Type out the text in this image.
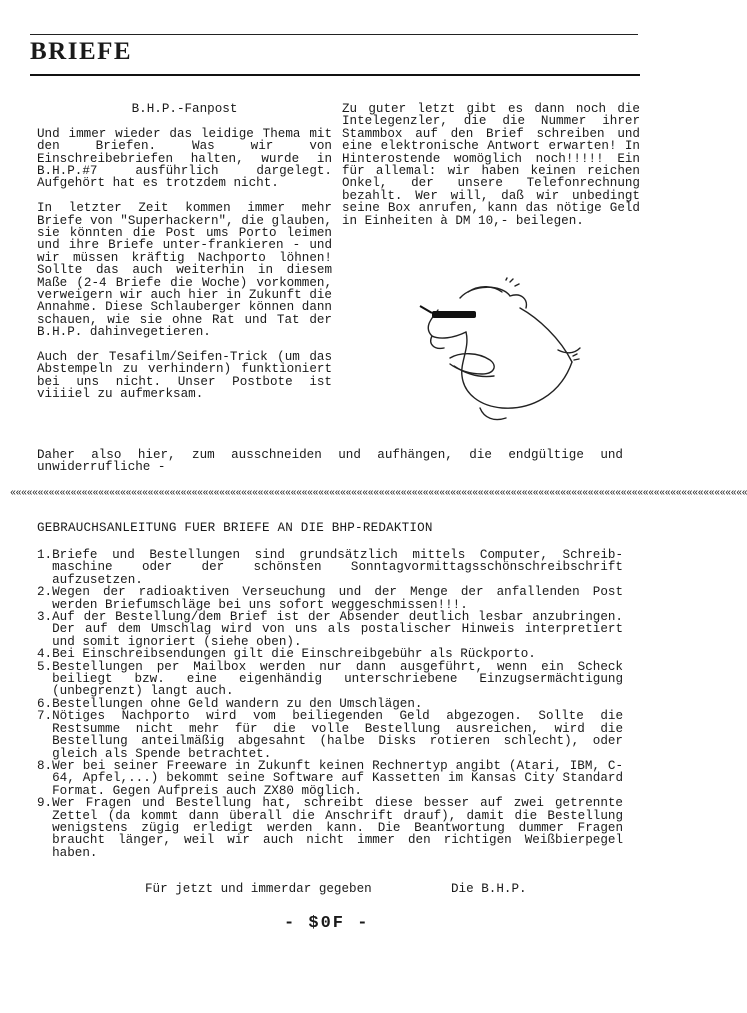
BRIEFE

B.H.P.-Fanpost

Und immer wieder das leidige Thema mit den Briefen. Was wir von Einschreibebriefen halten, wurde in B.H.P.#7 ausführlich dargelegt. Aufgehört hat es trotzdem nicht.

In letzter Zeit kommen immer mehr Briefe von "Superhackern", die glauben, sie könnten die Post ums Porto leimen und ihre Briefe unter-frankieren - und wir müssen kräftig Nachporto löhnen! Sollte das auch weiterhin in diesem Maße (2-4 Briefe die Woche) vorkommen, verweigern wir auch hier in Zukunft die Annahme. Diese Schlauberger können dann schauen, wie sie ohne Rat und Tat der B.H.P. dahinvegetieren.

Auch der Tesafilm/Seifen-Trick (um das Abstempeln zu verhindern) funktioniert bei uns nicht. Unser Postbote ist viiiiel zu aufmerksam.

Zu guter letzt gibt es dann noch die Intelegenzler, die die Nummer ihrer Stammbox auf den Brief schreiben und eine elektronische Antwort erwarten! In Hinterostende womöglich noch!!!!! Ein für allemal: wir haben keinen reichen Onkel, der unsere Telefonrechnung bezahlt. Wer will, daß wir unbedingt seine Box anrufen, kann das nötige Geld in Einheiten à DM 10,- beilegen.

Daher also hier, zum ausschneiden und aufhängen, die endgültige und unwiderrufliche -
««««««««««««««««««««««««««««««««««««««««««««««««««««««««««««««««««««««««««««««««««««««««««««««««««««««««««««««««««««««««««««««««««««««
GEBRAUCHSANLEITUNG FUER BRIEFE AN DIE BHP-REDAKTION
1. Briefe und Bestellungen sind grundsätzlich mittels Computer, Schreib-maschine oder der schönsten Sonntagvormittagsschönschreibschrift aufzusetzen.
2. Wegen der radioaktiven Verseuchung und der Menge der anfallenden Post werden Briefumschläge bei uns sofort weggeschmissen!!!.
3. Auf der Bestellung/dem Brief ist der Absender deutlich lesbar anzubringen. Der auf dem Umschlag wird von uns als postalischer Hinweis interpretiert und somit ignoriert (siehe oben).
4. Bei Einschreibsendungen gilt die Einschreibgebühr als Rückporto.
5. Bestellungen per Mailbox werden nur dann ausgeführt, wenn ein Scheck beiliegt bzw. eine eigenhändig unterschriebene Einzugsermächtigung (unbegrenzt) langt auch.
6. Bestellungen ohne Geld wandern zu den Umschlägen.
7. Nötiges Nachporto wird vom beiliegenden Geld abgezogen. Sollte die Restsumme nicht mehr für die volle Bestellung ausreichen, wird die Bestellung anteilmäßig abgesahnt (halbe Disks rotieren schlecht), oder gleich als Spende betrachtet.
8. Wer bei seiner Freeware in Zukunft keinen Rechnertyp angibt (Atari, IBM, C-64, Apfel,...) bekommt seine Software auf Kassetten im Kansas City Standard Format. Gegen Aufpreis auch ZX80 möglich.
9. Wer Fragen und Bestellung hat, schreibt diese besser auf zwei getrennte Zettel (da kommt dann überall die Anschrift drauf), damit die Bestellung wenigstens zügig erledigt werden kann. Die Beantwortung dummer Fragen braucht länger, weil wir auch nicht immer den richtigen Weißbierpegel haben.
Für jetzt und immerdar gegeben	Die B.H.P.
- $0F -
